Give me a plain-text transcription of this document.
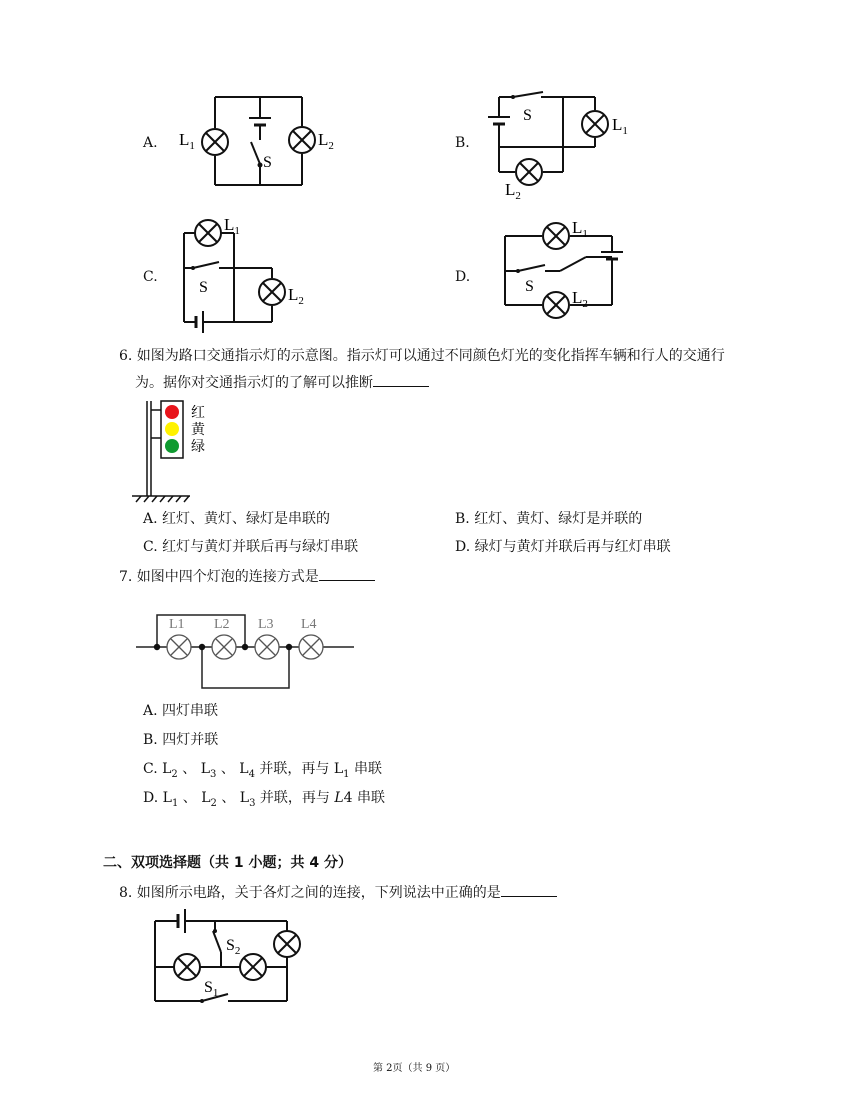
A.	B.
C.	D.
$L_1$	$L_2$
S
S	$L_1$
$L_2$
$L_1$
S	$L_2$
$L_1$
S
$L_2$
6. 如图为路口交通指示灯的示意图。指示灯可以通过不同颜色灯光的变化指挥车辆和行人的交通行
为。据你对交通指示灯的了解可以推断
红
黄
绿
A. 红灯、黄灯、绿灯是串联的	B. 红灯、黄灯、绿灯是并联的
C. 红灯与黄灯并联后再与绿灯串联	D. 绿灯与黄灯并联后再与红灯串联
7. 如图中四个灯泡的连接方式是
L1 L2 L3 L4
A. 四灯串联
B. 四灯并联
C. $L_2$ 、 $L_3$ 、 $L_4$ 并联，再与 $L_1$ 串联
D. $L_1$ 、 $L_2$ 、 $L_3$ 并联，再与 L4 串联
二、双项选择题（共 1 小题；共 4 分）
8. 如图所示电路，关于各灯之间的连接，下列说法中正确的是
$S_2$
$S_1$
第 2页（共 9 页）
